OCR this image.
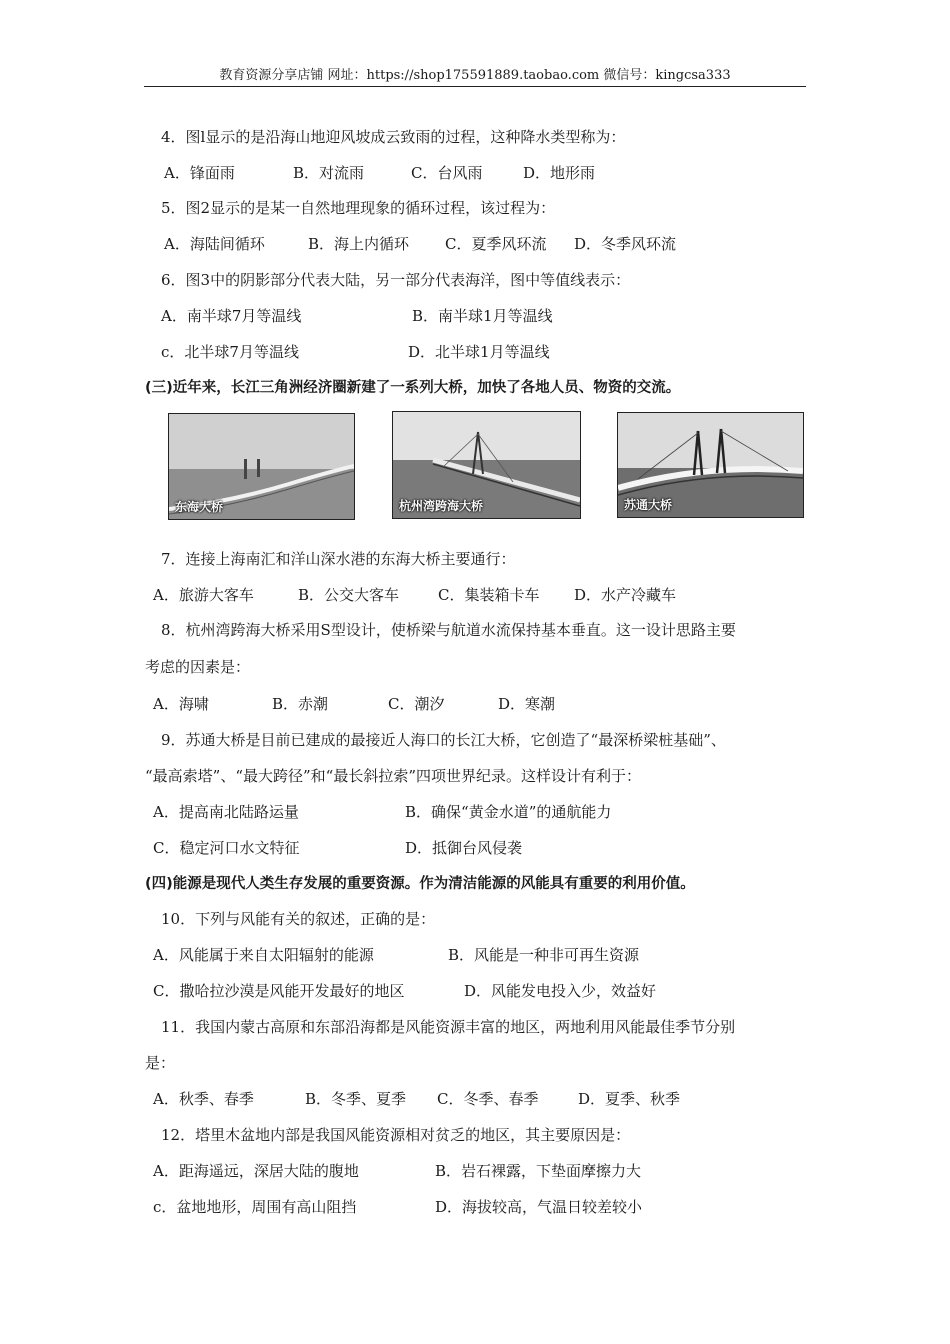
教育资源分享店铺 网址：https://shop175591889.taobao.com 微信号：kingcsa333
4．图l显示的是沿海山地迎风坡成云致雨的过程，这种降水类型称为：
A．锋面雨	B．对流雨	C．台风雨	D．地形雨
5．图2显示的是某一自然地理现象的循环过程，该过程为：
A．海陆间循环	B．海上内循环 C．夏季风环流 D．冬季风环流
6．图3中的阴影部分代表大陆，另一部分代表海洋，图中等值线表示：
A．南半球7月等温线	B．南半球1月等温线
c．北半球7月等温线	D．北半球1月等温线
(三)近年来，长江三角洲经济圈新建了一系列大桥，加快了各地人员、物资的交流。
东海大桥	杭州湾跨海大桥	苏通大桥
7．连接上海南汇和洋山深水港的东海大桥主要通行：
A．旅游大客车	B．公交大客车	C．集装箱卡车 D．水产冷藏车
8．杭州湾跨海大桥采用S型设计，使桥梁与航道水流保持基本垂直。这一设计思路主要
考虑的因素是：
A．海啸	B．赤潮	C．潮汐	D．寒潮
9．苏通大桥是目前已建成的最接近人海口的长江大桥，它创造了“最深桥梁桩基础”、
“最高索塔”、“最大跨径”和“最长斜拉索”四项世界纪录。这样设计有利于：
A．提高南北陆路运量	B．确保“黄金水道”的通航能力
C．稳定河口水文特征	D．抵御台风侵袭
(四)能源是现代人类生存发展的重要资源。作为清洁能源的风能具有重要的利用价值。
10．下列与风能有关的叙述，正确的是：
A．风能属于来自太阳辐射的能源	B．风能是一种非可再生资源
C．撒哈拉沙漠是风能开发最好的地区	D．风能发电投入少，效益好
11．我国内蒙古高原和东部沿海都是风能资源丰富的地区，两地利用风能最佳季节分别
是：
A．秋季、春季	B．冬季、夏季 C．冬季、春季	D．夏季、秋季
12．塔里木盆地内部是我国风能资源相对贫乏的地区，其主要原因是：
A．距海遥远，深居大陆的腹地	B．岩石裸露，下垫面摩擦力大
c．盆地地形，周围有高山阻挡	D．海拔较高，气温日较差较小
